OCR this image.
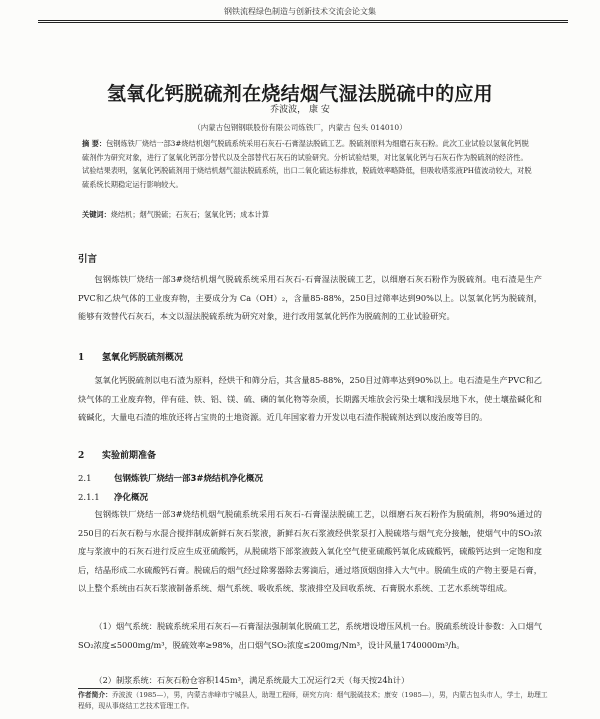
钢铁流程绿色制造与创新技术交流会论文集
氢氧化钙脱硫剂在烧结烟气湿法脱硫中的应用
乔波波， 康 安
（内蒙古包钢钢联股份有限公司炼铁厂，内蒙古 包头 014010）

摘 要：包钢炼铁厂烧结一部3#烧结机烟气脱硫系统采用石灰石-石膏湿法脱硫工艺。脱硫剂原料为细磨石灰石粉。此次工业试验以氢氧化钙脱硫剂作为研究对象，进行了氢氧化钙部分替代以及全部替代石灰石的试验研究。分析试验结果，对比氢氧化钙与石灰石作为脱硫剂的经济性。试验结果表明，氢氧化钙脱硫剂用于烧结机烟气湿法脱硫系统，出口二氧化硫达标排放，脱硫效率略降低，但吸收塔浆液PH值波动较大，对脱硫系统长期稳定运行影响较大。

关键词：烧结机；烟气脱硫；石灰石；氢氧化钙；成本计算

引言

包钢炼铁厂烧结一部3#烧结机烟气脱硫系统采用石灰石-石膏湿法脱硫工艺，以细磨石灰石粉作为脱硫剂。电石渣是生产PVC和乙炔气体的工业废弃物，主要成分为 Ca（OH）₂，含量85-88%，250目过筛率达到90%以上。以氢氧化钙为脱硫剂，能够有效替代石灰石，本文以湿法脱硫系统为研究对象，进行改用氢氧化钙作为脱硫剂的工业试验研究。

1 氢氧化钙脱硫剂概况

氢氧化钙脱硫剂以电石渣为原料，经烘干和筛分后，其含量85-88%，250目过筛率达到90%以上。电石渣是生产PVC和乙炔气体的工业废弃物，伴有硅、铁、铝、镁、硫、磷的氧化物等杂质，长期露天堆放会污染土壤和浅层地下水，使土壤盐碱化和硫碱化，大量电石渣的堆放还将占宝贵的土地资源。近几年国家着力开发以电石渣作脱硫剂达到以废治废等目的。

2 实验前期准备
2.1	包钢炼铁厂烧结一部3#烧结机净化概况
2.1.1 净化概况

包钢炼铁厂烧结一部3#烧结机烟气脱硫系统采用石灰石-石膏湿法脱硫工艺，以细磨石灰石粉作为脱硫剂，将90%通过的250目的石灰石粉与水混合搅拌制成新鲜石灰石浆液，新鲜石灰石浆液经供浆泵打入脱硫塔与烟气充分接触，使烟气中的SO₂浓度与浆液中的石灰石进行反应生成亚硫酸钙，从脱硫塔下部浆液鼓入氧化空气使亚硫酸钙氧化成硫酸钙，硫酸钙达到一定饱和度后，结晶形成二水硫酸钙石膏。脱硫后的烟气经过除雾器除去雾滴后，通过塔顶烟囱排入大气中。脱硫生成的产物主要是石膏，以上整个系统由石灰石浆液制备系统、烟气系统、吸收系统、浆液排空及回收系统、石膏脱水系统、工艺水系统等组成。

（1）烟气系统：脱硫系统采用石灰石—石膏湿法强制氧化脱硫工艺，系统增设增压风机一台。脱硫系统设计参数：入口烟气SO₂浓度≤5000mg/m³，脱硫效率≥98%，出口烟气SO₂浓度≤200mg/Nm³，设计风量1740000m³/h。

（2）制浆系统：石灰石粉仓容积145m³，满足系统最大工况运行2天（每天按24h计）

作者简介：乔波波（1985—），男，内蒙古赤峰市宁城县人，助理工程师，研究方向：烟气脱硫技术；康安（1985—），男，内蒙古包头市人，学士，助理工程师，现从事烧结工艺技术管理工作。
